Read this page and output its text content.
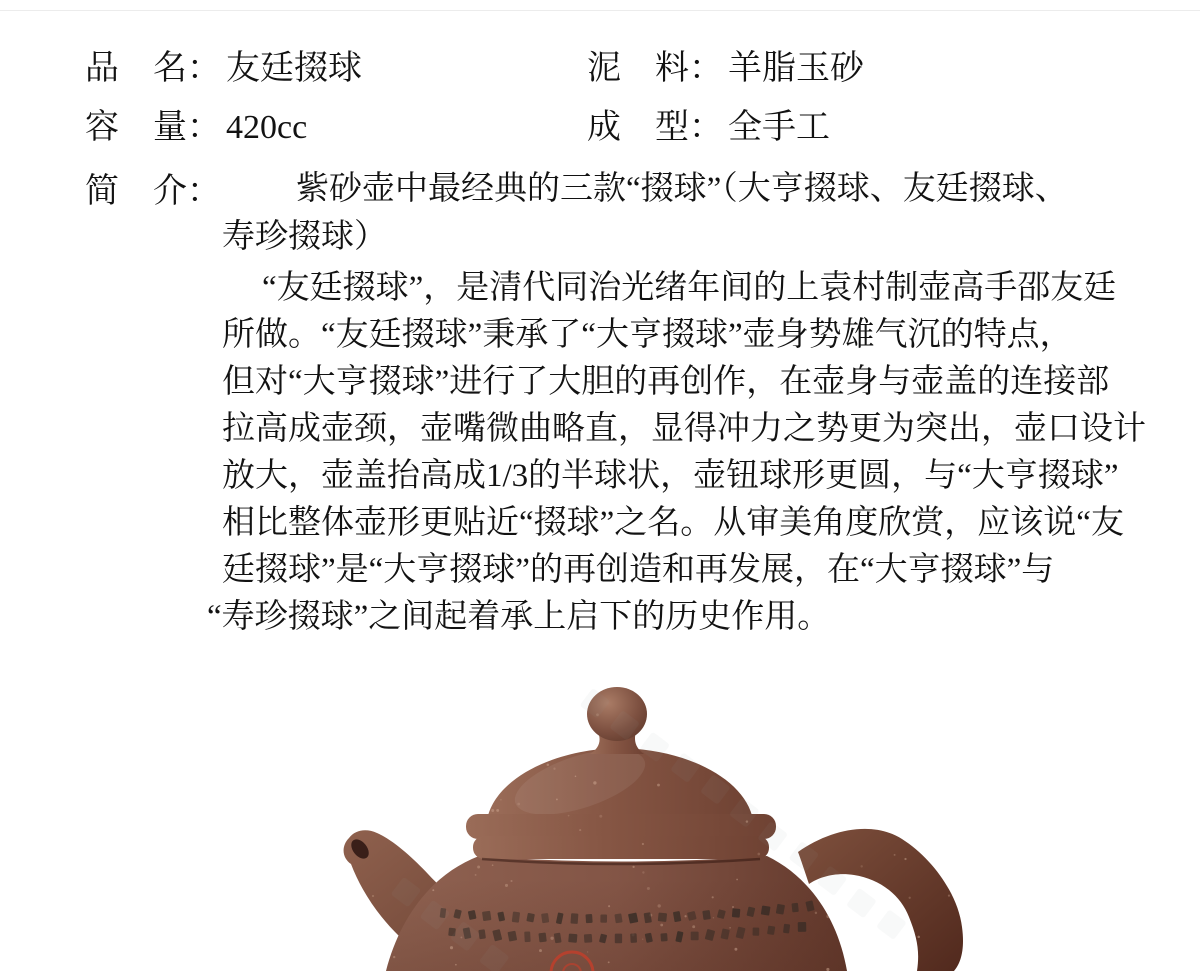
品　名： 友廷掇球	泥　料： 羊脂玉砂
容　量： 420cc	成　型： 全手工
简　介：	紫砂壶中最经典的三款“掇球”（大亨掇球、友廷掇球、
寿珍掇球）
“友廷掇球”，是清代同治光绪年间的上袁村制壶高手邵友廷
所做。“友廷掇球”秉承了“大亨掇球”壶身势雄气沉的特点，
但对“大亨掇球”进行了大胆的再创作，在壶身与壶盖的连接部
拉高成壶颈，壶嘴微曲略直，显得冲力之势更为突出，壶口设计
放大，壶盖抬高成1/3的半球状，壶钮球形更圆，与“大亨掇球”
相比整体壶形更贴近“掇球”之名。从审美角度欣赏，应该说“友
廷掇球”是“大亨掇球”的再创造和再发展，在“大亨掇球”与
“寿珍掇球”之间起着承上启下的历史作用。
